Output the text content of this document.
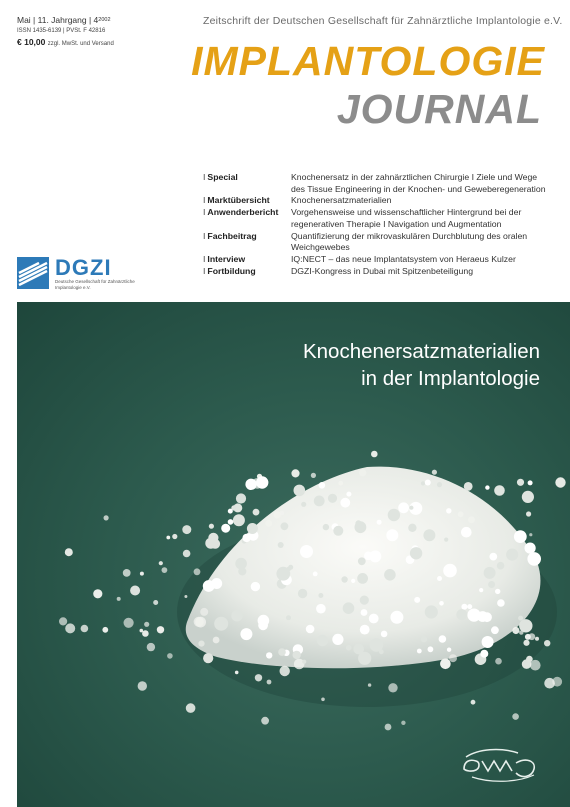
Mai | 11. Jahrgang | $4^{2002}$
ISSN 1435-6139 | PVSt. F 42816
€ 10,00 zzgl. MwSt. und Versand
Zeitschrift der Deutschen Gesellschaft für Zahnärztliche Implantologie e.V.
IMPLANTOLOGIE
JOURNAL
I Special	Knochenersatz in der zahnärztlichen Chirurgie I Ziele und Wege des Tissue Engineering in der Knochen- und Geweberegeneration
I Marktübersicht	Knochenersatzmaterialien
I Anwenderbericht	Vorgehensweise und wissenschaftlicher Hintergrund bei der regenerativen Therapie I Navigation und Augmentation
I Fachbeitrag	Quantifizierung der mikrovaskulären Durchblutung des oralen Weichgewebes
I Interview	IQ:NECT – das neue Implantatsystem von Heraeus Kulzer
I Fortbildung	DGZI-Kongress in Dubai mit Spitzenbeteiligung
DGZI
Deutsche Gesellschaft für Zahnärztliche Implantologie e.V.
Knochenersatzmaterialien
in der Implantologie
